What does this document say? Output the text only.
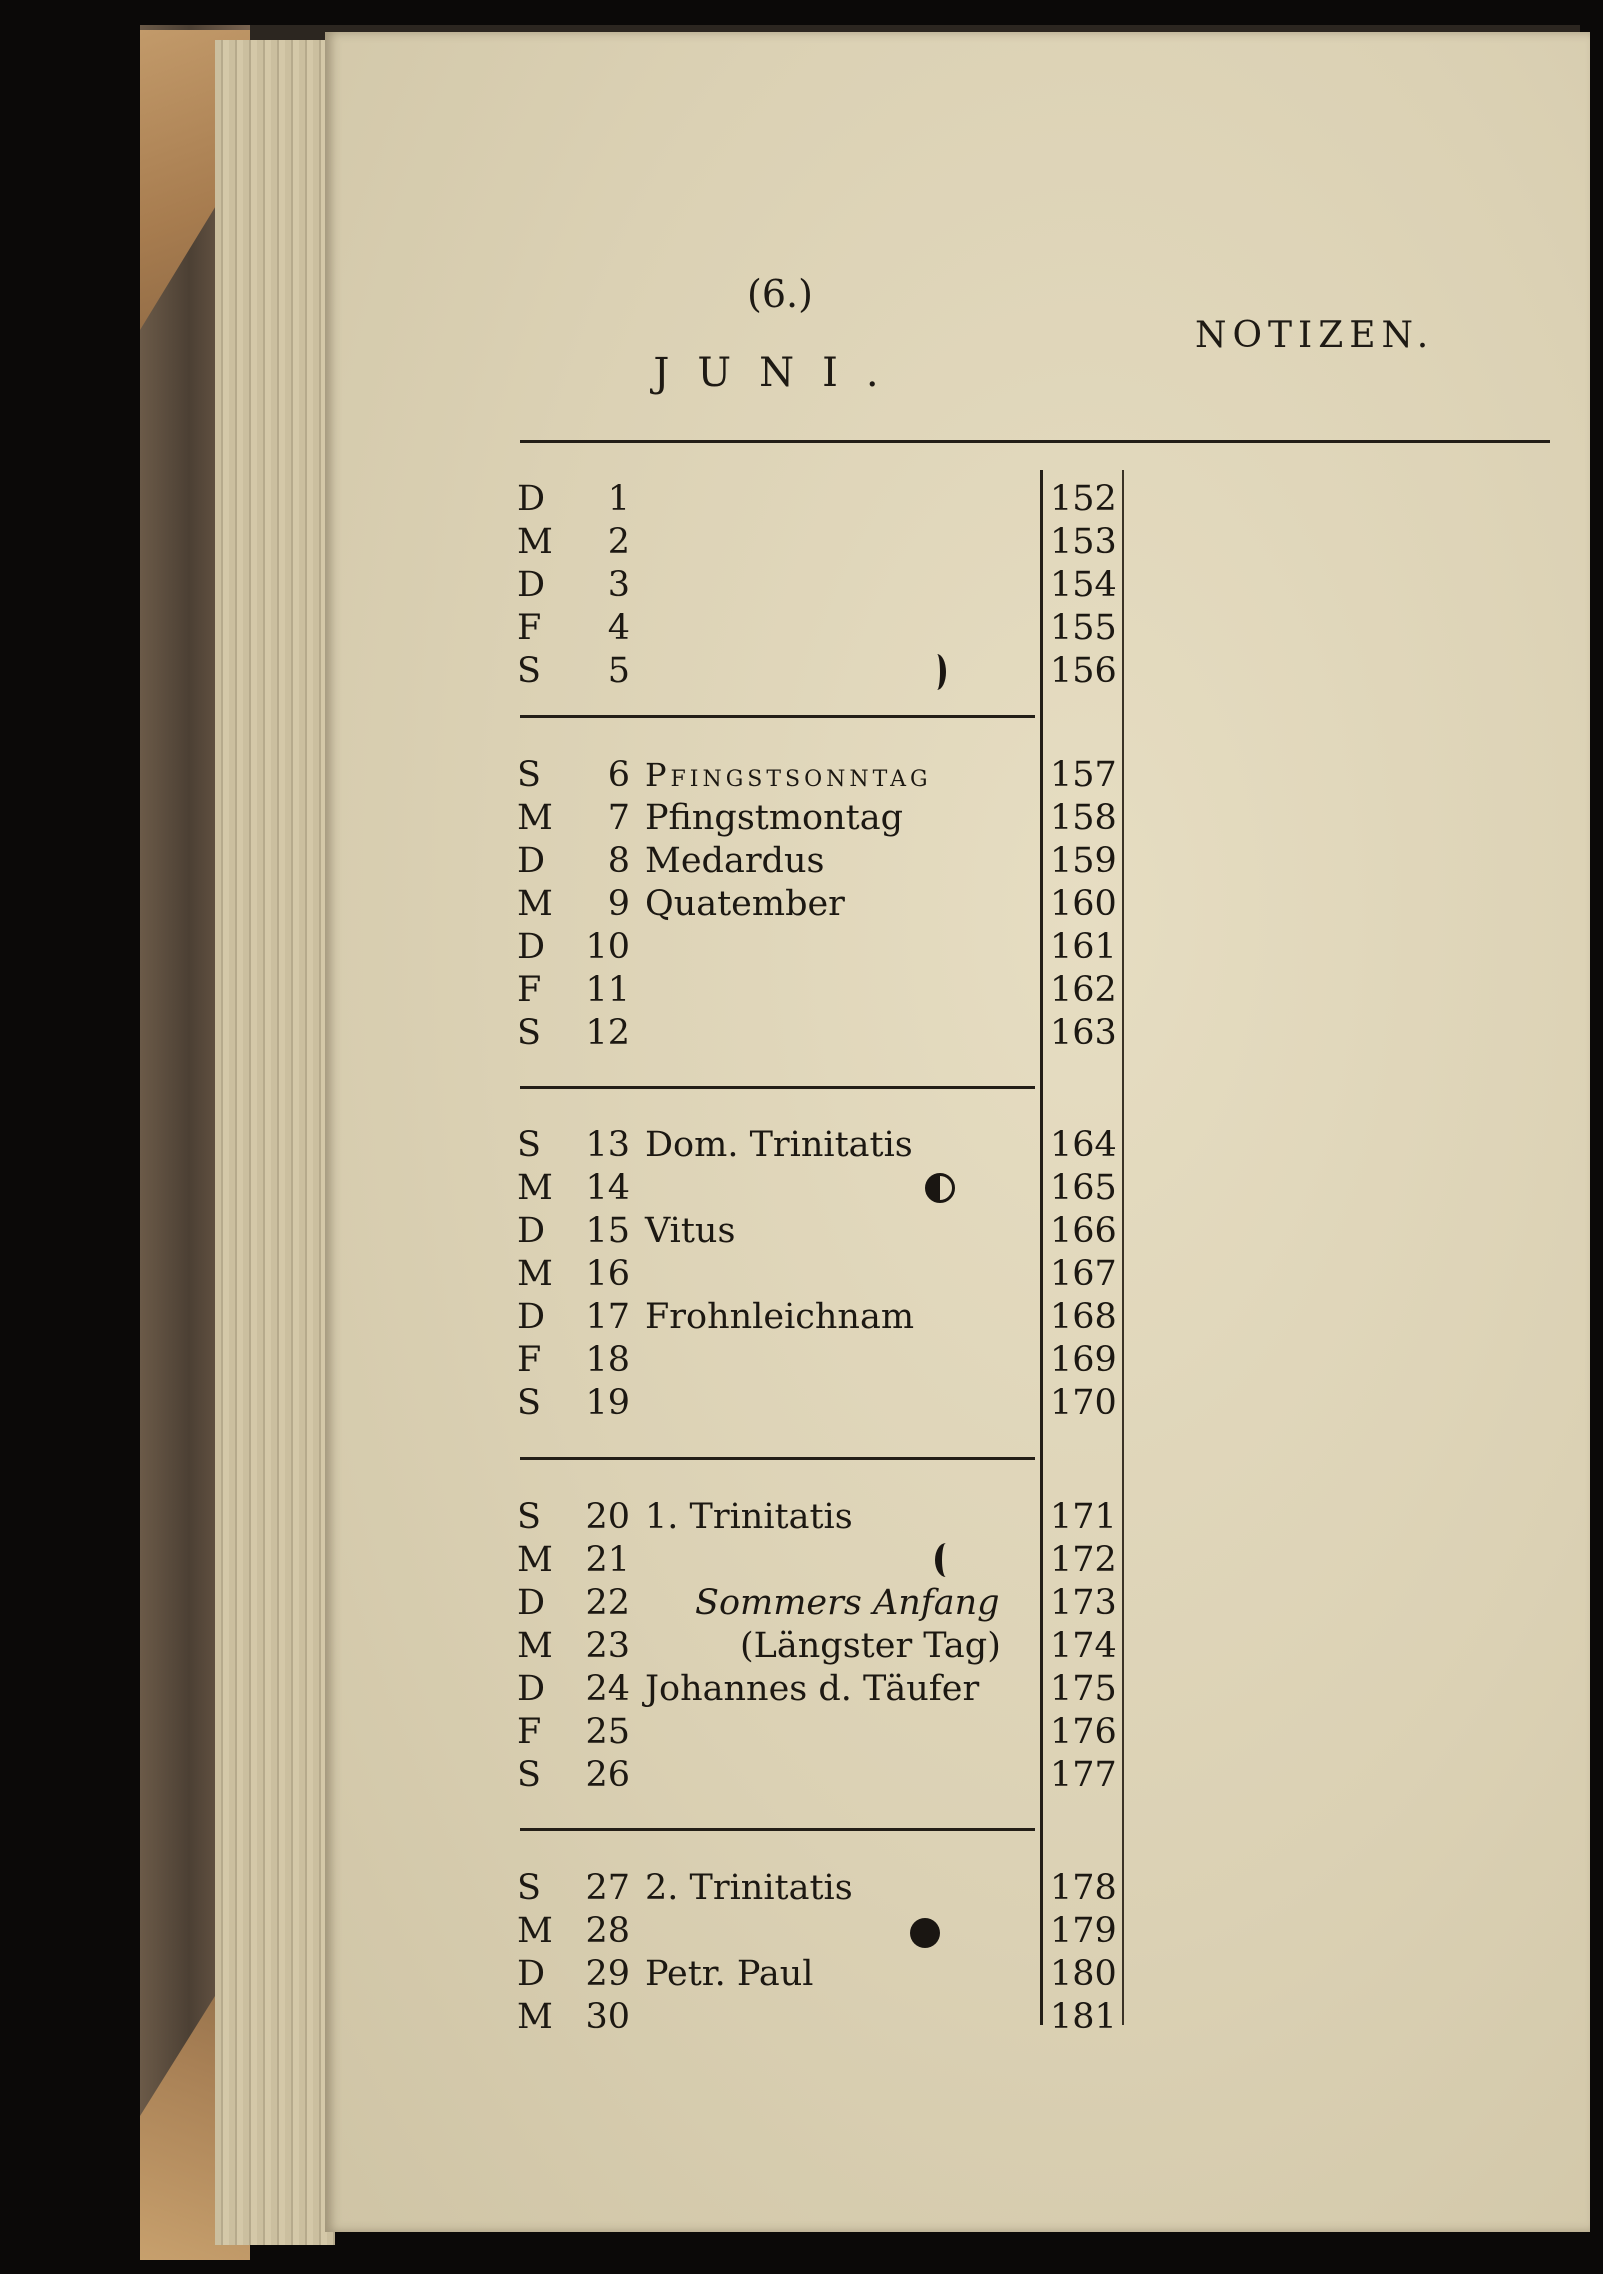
(6.)
JUNI.
NOTIZEN.
D	1	152
M	2	153
D	3	154
F	4	155
S	5	156
S	6 Pfingstsonntag	157
M	7 Pfingstmontag	158
D	8 Medardus	159
M	9 Quatember	160
D	10	161
F	11	162
S	12	163
S	13 Dom. Trinitatis	164
M 14	165
D	15 Vitus	166
M 16	167
D	17 Frohnleichnam	168
F	18	169
S	19	170
S	20 1. Trinitatis	171
M 21	172
D	22 Sommers Anfang 173
M 23	(Längster Tag) 174
D	24 Johannes d. Täufer 175
F	25	176
S	26	177
S	27 2. Trinitatis	178
M 28	179
D	29 Petr. Paul	180
M 30	181
